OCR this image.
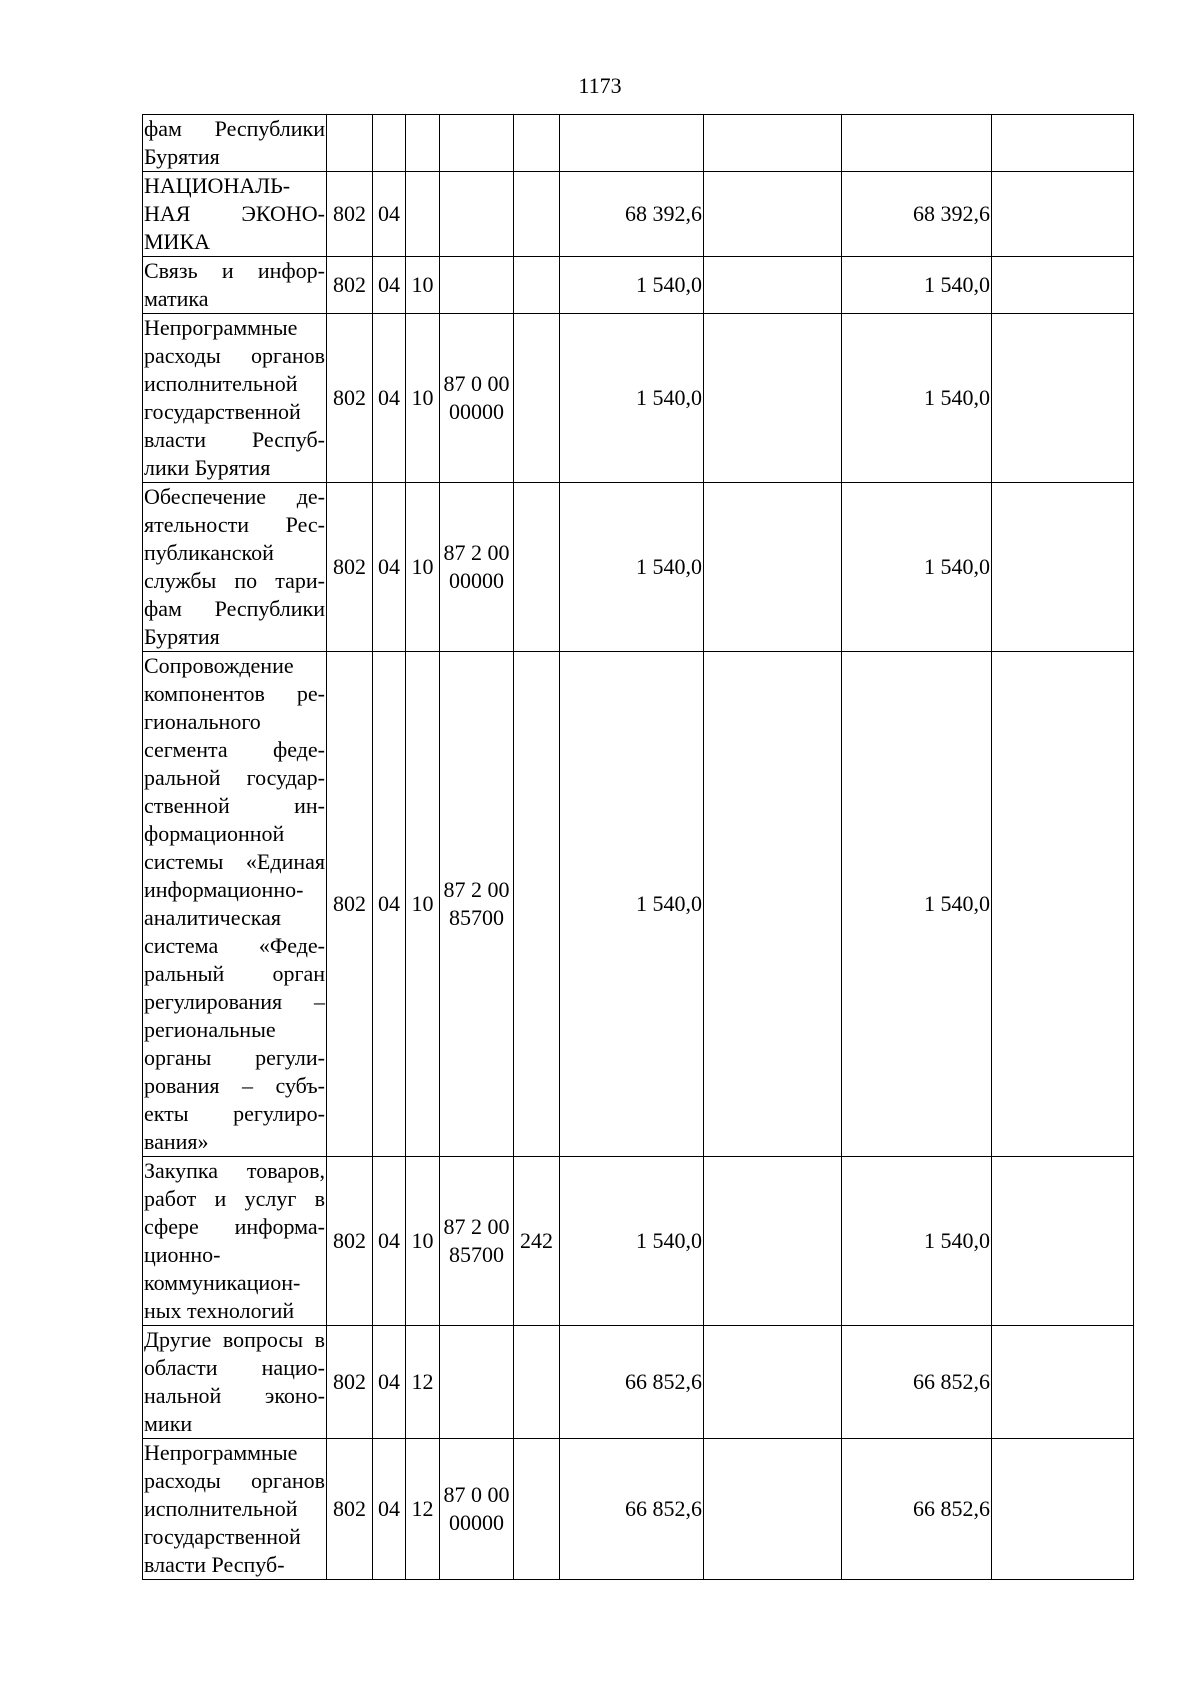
1173
фам Республики Бурятия									
НАЦИОНАЛЬ-НАЯ ЭКОНО-МИКА	802	04				68 392,6		68 392,6	
Связь и инфор-матика	802	04	10			1 540,0		1 540,0	
Непрограммные расходы органов исполнительной государственной власти Респуб-лики Бурятия	802	04	10	87 0 00 00000		1 540,0		1 540,0	
Обеспечение де-ятельности Рес-публиканской службы по тари-фам Республики Бурятия	802	04	10	87 2 00 00000		1 540,0		1 540,0	
Сопровождение компонентов ре-гионального сегмента феде-ральной государ-ственной ин-формационной системы «Единая информационно-аналитическая система «Феде-ральный орган регулирования – региональные органы регули-рования – субъ-екты регулиро-вания»	802	04	10	87 2 00 85700		1 540,0		1 540,0	
Закупка товаров, работ и услуг в сфере информа-ционно-коммуникацион-ных технологий	802	04	10	87 2 00 85700	242	1 540,0		1 540,0	
Другие вопросы в области нацио-нальной эконо-мики	802	04	12			66 852,6		66 852,6	
Непрограммные расходы органов исполнительной государственной власти Респуб-	802	04	12	87 0 00 00000		66 852,6		66 852,6	
